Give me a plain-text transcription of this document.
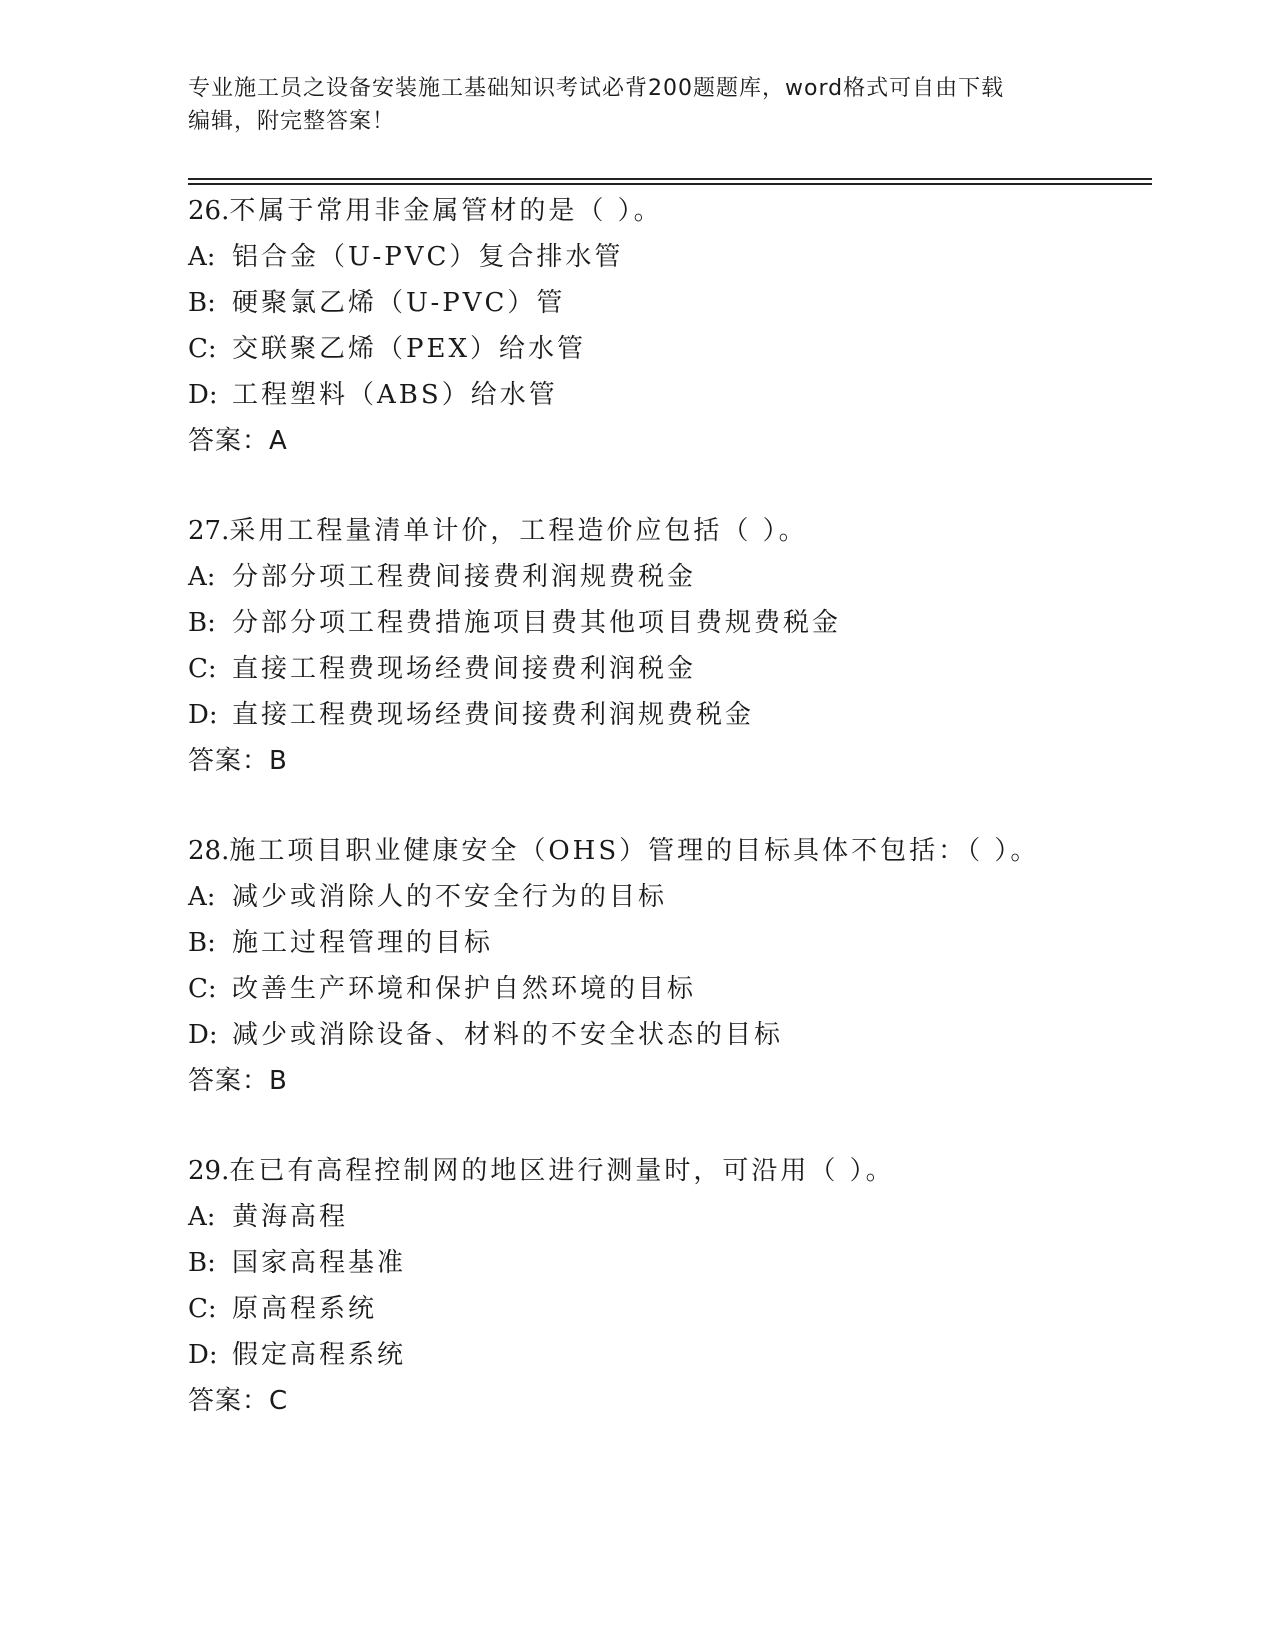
专业施工员之设备安装施工基础知识考试必背200题题库，word格式可自由下载
编辑，附完整答案！
26.不属于常用非金属管材的是（ ）。
A: 铝合金（U-PVC）复合排水管
B: 硬聚氯乙烯（U-PVC）管
C: 交联聚乙烯（PEX）给水管
D: 工程塑料（ABS）给水管
答案：A
27.采用工程量清单计价，工程造价应包括（ ）。
A: 分部分项工程费间接费利润规费税金
B: 分部分项工程费措施项目费其他项目费规费税金
C: 直接工程费现场经费间接费利润税金
D: 直接工程费现场经费间接费利润规费税金
答案：B
28.施工项目职业健康安全（OHS）管理的目标具体不包括：（ ）。
A: 减少或消除人的不安全行为的目标
B: 施工过程管理的目标
C: 改善生产环境和保护自然环境的目标
D: 减少或消除设备、材料的不安全状态的目标
答案：B
29.在已有高程控制网的地区进行测量时，可沿用（ ）。
A: 黄海高程
B: 国家高程基准
C: 原高程系统
D: 假定高程系统
答案：C
